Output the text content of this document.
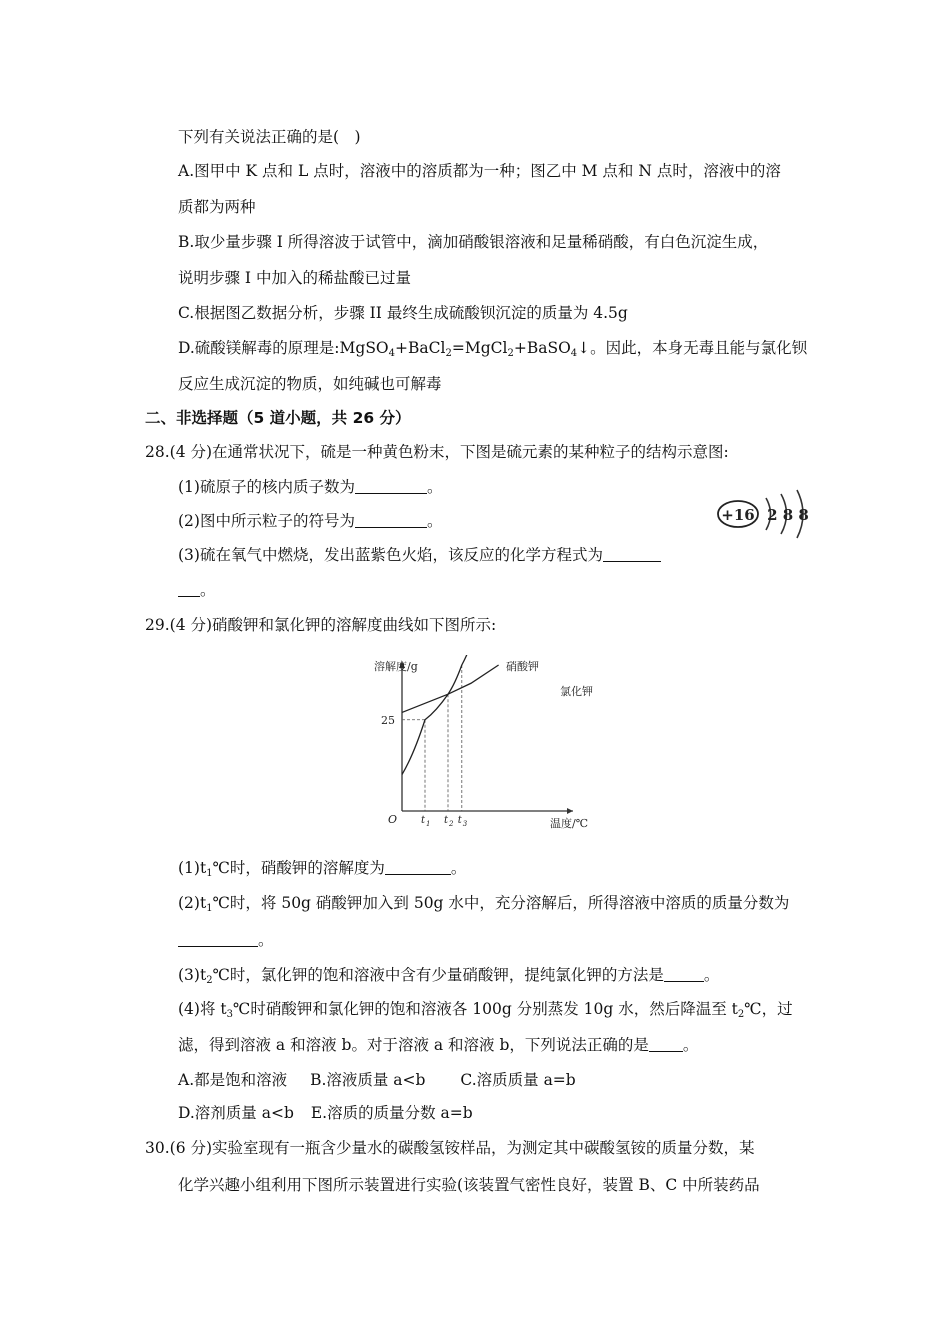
下列有关说法正确的是(　)
A.图甲中 K 点和 L 点时，溶液中的溶质都为一种；图乙中 M 点和 N 点时，溶液中的溶
质都为两种
B.取少量步骤 I 所得溶波于试管中，滴加硝酸银溶液和足量稀硝酸，有白色沉淀生成，
说明步骤 I 中加入的稀盐酸已过量
C.根据图乙数据分析，步骤 II 最终生成硫酸钡沉淀的质量为 4.5g
D.硫酸镁解毒的原理是:MgSO$_4$+BaCl$_2$=MgCl$_2$+BaSO$_4$↓。因此，本身无毒且能与氯化钡
反应生成沉淀的物质，如纯碱也可解毒
二、非选择题（5 道小题，共 26 分）
28.(4 分)在通常状况下，硫是一种黄色粉末，下图是硫元素的某种粒子的结构示意图:
(1)硫原子的核内质子数为	。
(2)图中所示粒子的符号为	。
(3)硫在氧气中燃烧，发出蓝紫色火焰，该反应的化学方程式为
。
+16 2 8 8
29.(4 分)硝酸钾和氯化钾的溶解度曲线如下图所示:
溶解度/g
温度/℃
O
25
t 1 t 2 t 3
硝酸钾
氯化钾
$(1)t_1℃$时，硝酸钾的溶解度为	。
$(2)t_1℃$时，将 50g 硝酸钾加入到 50g 水中，充分溶解后，所得溶液中溶质的质量分数为
。
$(3)t_2℃$时，氯化钾的饱和溶液中含有少量硝酸钾，提纯氯化钾的方法是	。
(4)将 $t_3℃$时硝酸钾和氯化钾的饱和溶液各 100g 分别蒸发 10g 水，然后降温至 $t_2℃$，过
滤，得到溶液 a 和溶液 b。对于溶液 a 和溶液 b，下列说法正确的是 。
A.都是饱和溶液 B.溶液质量 a<b C.溶质质量 a=b
D.溶剂质量 a<b E.溶质的质量分数 a=b
30.(6 分)实验室现有一瓶含少量水的碳酸氢铵样品，为测定其中碳酸氢铵的质量分数，某
化学兴趣小组利用下图所示装置进行实验(该装置气密性良好，装置 B、C 中所装药品
